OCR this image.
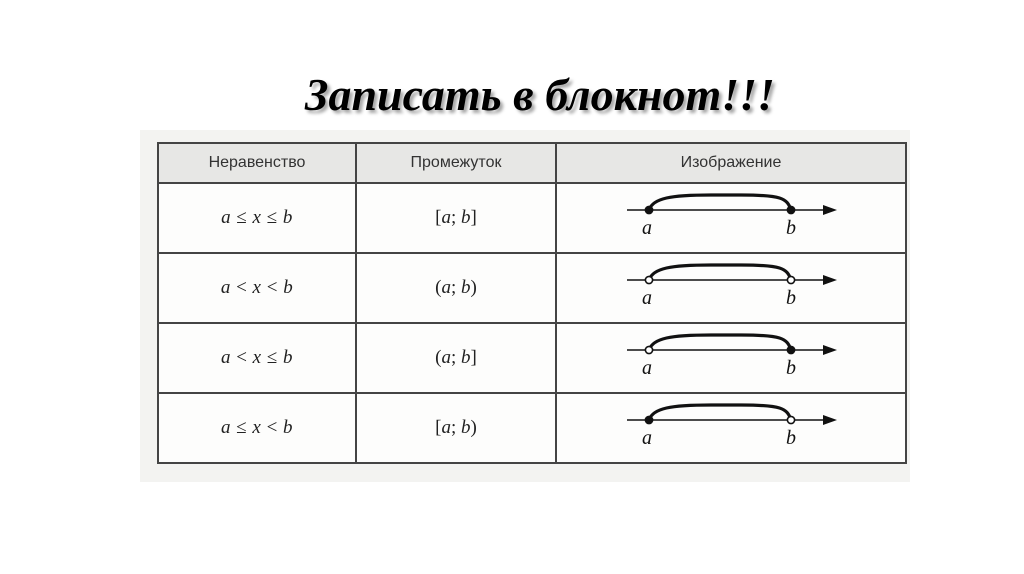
Записать в блокнот!!!
Неравенство	Промежуток	Изображение
a ≤ x ≤ b	[a; b]	a b

a < x < b	(a; b)	a b

a < x ≤ b	(a; b]	a b

a ≤ x < b	[a; b)	a b
